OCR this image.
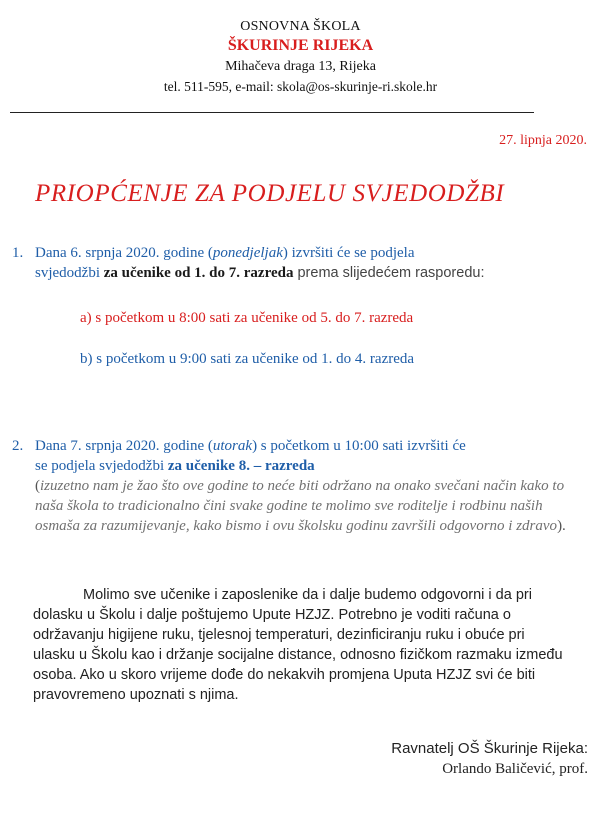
OSNOVNA ŠKOLA
ŠKURINJE RIJEKA
Mihačeva draga 13, Rijeka
tel. 511-595, e-mail: skola@os-skurinje-ri.skole.hr
27. lipnja 2020.
PRIOPĆENJE ZA PODJELU SVJEDODŽBI
1. Dana 6. srpnja 2020. godine (ponedjeljak) izvršiti će se podjela
svjedodžbi za učenike od 1. do 7. razreda prema slijedećem rasporedu:
a) s početkom u 8:00 sati za učenike od 5. do 7. razreda
b) s početkom u 9:00 sati za učenike od 1. do 4. razreda
2. Dana 7. srpnja 2020. godine (utorak) s početkom u 10:00 sati izvršiti će
se podjela svjedodžbi za učenike 8. – razreda
(izuzetno nam je žao što ove godine to neće biti održano na onako svečani način kako to naša škola to tradicionalno čini svake godine te molimo sve roditelje i rodbinu naših osmaša za razumijevanje, kako bismo i ovu školsku godinu završili odgovorno i zdravo).
Molimo sve učenike i zaposlenike da i dalje budemo odgovorni i da pri dolasku u Školu i dalje poštujemo Upute HZJZ. Potrebno je voditi računa o održavanju higijene ruku, tjelesnoj temperaturi, dezinficiranju ruku i obuće pri ulasku u Školu kao i držanje socijalne distance, odnosno fizičkom razmaku između osoba. Ako u skoro vrijeme dođe do nekakvih promjena Uputa HZJZ svi će biti pravovremeno upoznati s njima.
Ravnatelj OŠ Škurinje Rijeka:
Orlando Baličević, prof.
